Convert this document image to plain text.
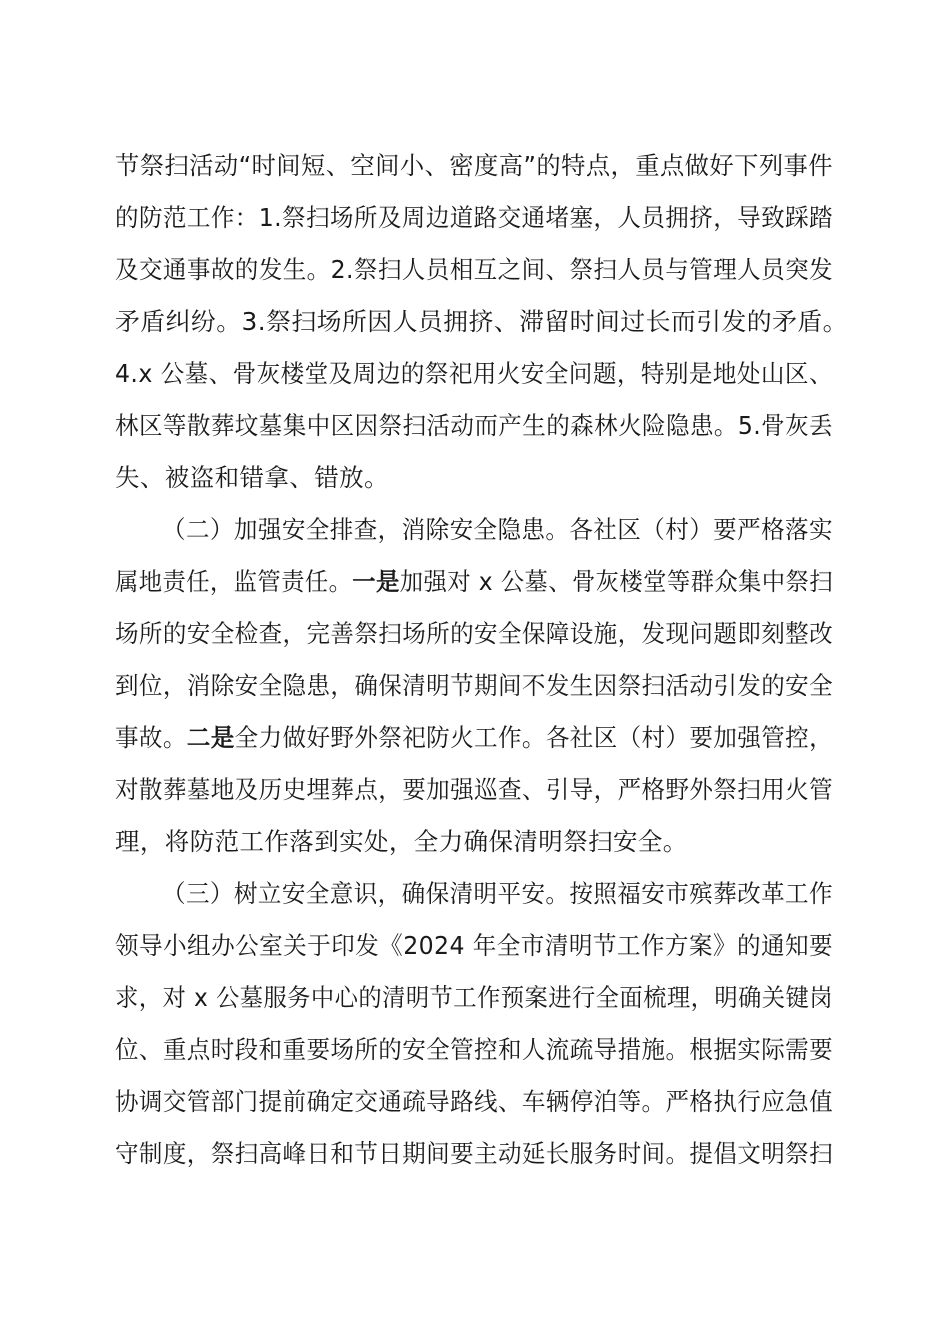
节祭扫活动“时间短、空间小、密度高”的特点，重点做好下列事件
的防范工作：1.祭扫场所及周边道路交通堵塞，人员拥挤，导致踩踏
及交通事故的发生。2.祭扫人员相互之间、祭扫人员与管理人员突发
矛盾纠纷。3.祭扫场所因人员拥挤、滞留时间过长而引发的矛盾。
4.x 公墓、骨灰楼堂及周边的祭祀用火安全问题，特别是地处山区、
林区等散葬坟墓集中区因祭扫活动而产生的森林火险隐患。5.骨灰丢
失、被盗和错拿、错放。
（二）加强安全排查，消除安全隐患。各社区（村）要严格落实
属地责任，监管责任。一是加强对 x 公墓、骨灰楼堂等群众集中祭扫
场所的安全检查，完善祭扫场所的安全保障设施，发现问题即刻整改
到位，消除安全隐患，确保清明节期间不发生因祭扫活动引发的安全
事故。二是全力做好野外祭祀防火工作。各社区（村）要加强管控，
对散葬墓地及历史埋葬点，要加强巡查、引导，严格野外祭扫用火管
理，将防范工作落到实处，全力确保清明祭扫安全。
（三）树立安全意识，确保清明平安。按照福安市殡葬改革工作
领导小组办公室关于印发《2024 年全市清明节工作方案》的通知要
求，对 x 公墓服务中心的清明节工作预案进行全面梳理，明确关键岗
位、重点时段和重要场所的安全管控和人流疏导措施。根据实际需要
协调交管部门提前确定交通疏导路线、车辆停泊等。严格执行应急值
守制度，祭扫高峰日和节日期间要主动延长服务时间。提倡文明祭扫
